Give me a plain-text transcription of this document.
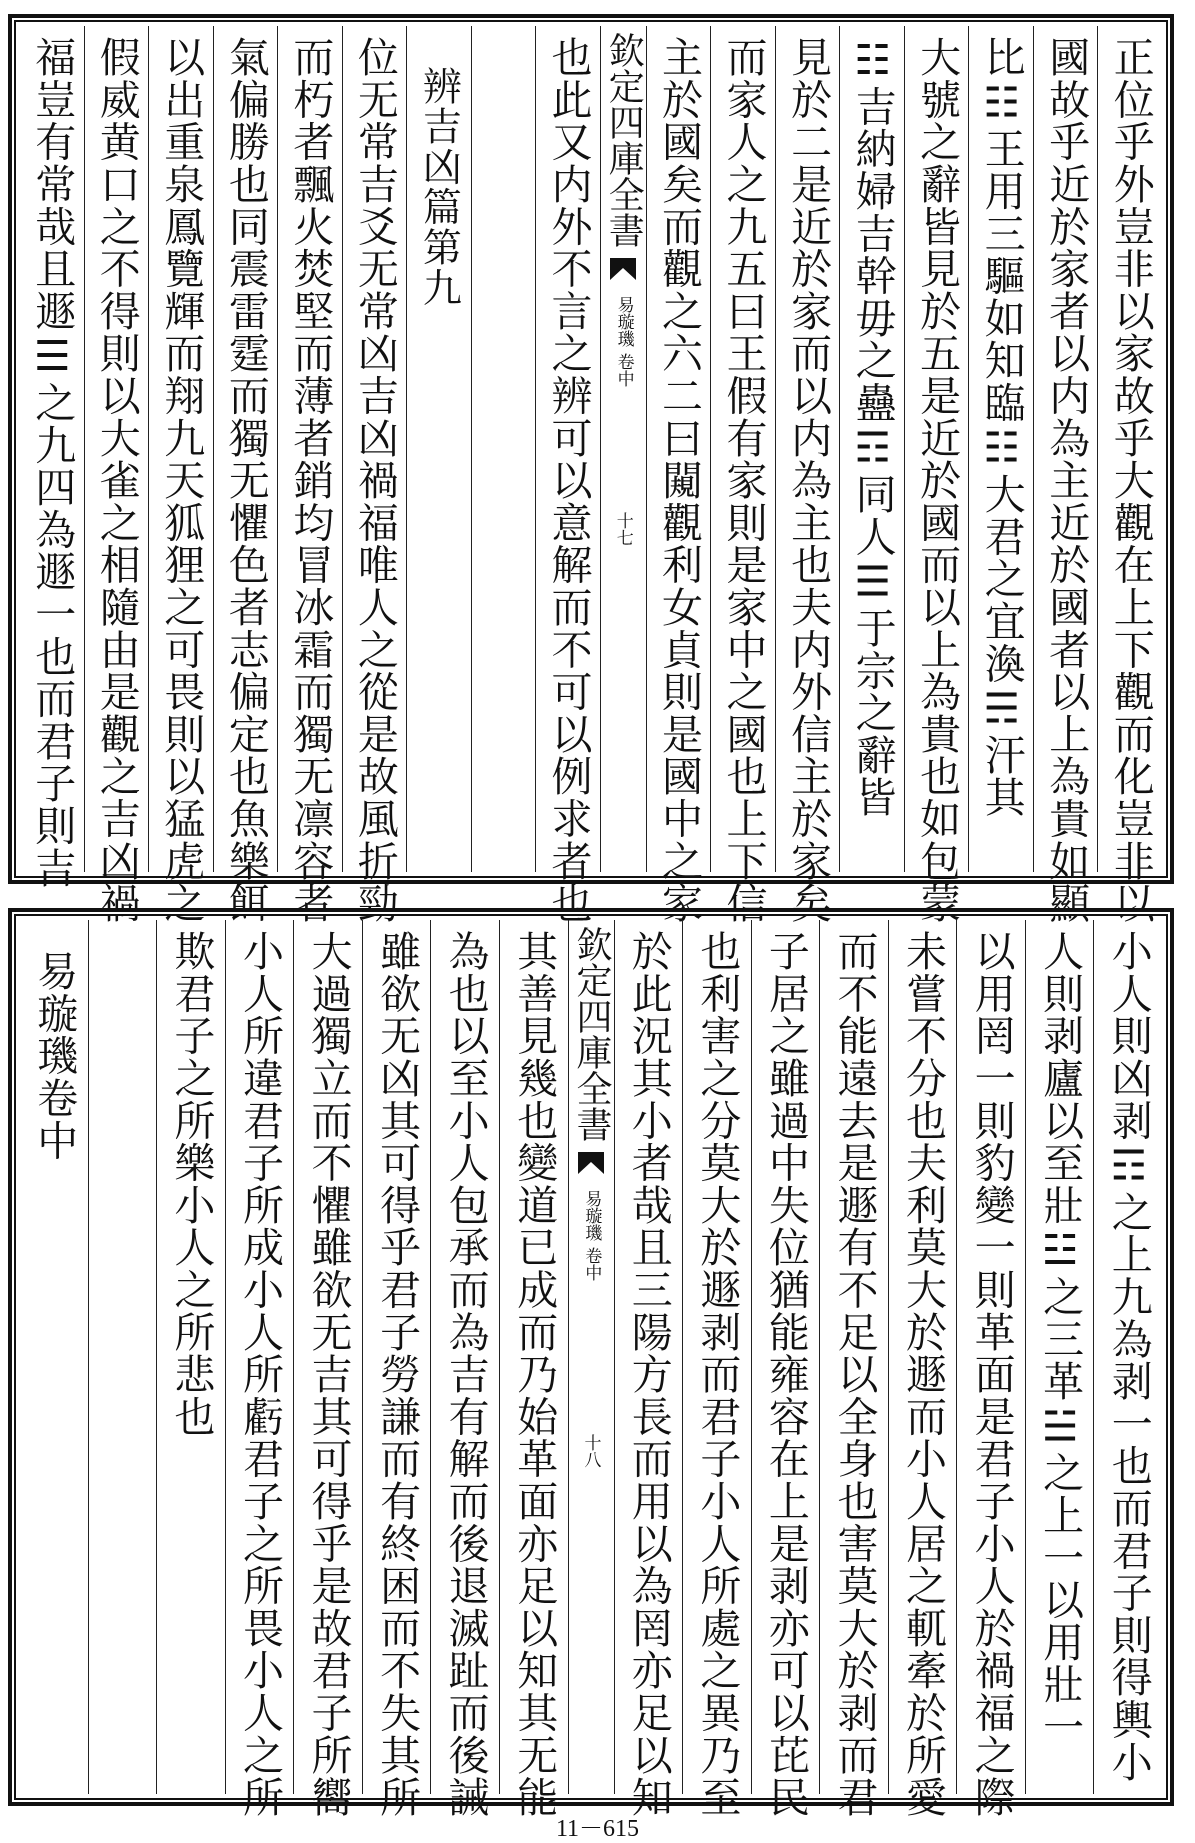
正位乎外豈非以家故乎大觀在上下觀而化豈非以
國故乎近於家者以内為主近於國者以上為貴如顯
比☷王用三驅如知臨☷大君之宜渙☴汗其
大號之辭皆見於五是近於國而以上為貴也如包蒙
☷吉納婦吉幹毋之蠱☶同人☰于宗之辭皆
見於二是近於家而以内為主也夫内外信主於家矣
而家人之九五曰王假有家則是家中之國也上下信
主於國矣而觀之六二曰闚觀利女貞則是國中之家
欽定四庫全書
易璇璣
卷中
十七
也此又内外不言之辨可以意解而不可以例求者也
辨吉凶篇第九
位无常吉爻无常凶吉凶禍福唯人之從是故風折勁
而朽者飄火焚堅而薄者銷均冒冰霜而獨无凛容者
氣偏勝也同震雷霆而獨无懼色者志偏定也魚樂餌
以出重泉鳳覽輝而翔九天狐狸之可畏則以猛虎之
假威黄口之不得則以大雀之相隨由是觀之吉凶禍
福豈有常哉且遯☰之九四為遯一也而君子則吉
小人則凶剥☶之上九為剥一也而君子則得輿小
人則剥廬以至壯☳之三革☱之上一以用壯一
以用罔一則豹變一則革面是君子小人於禍福之際
未嘗不分也夫利莫大於遯而小人居之軏牽於所愛
而不能遠去是遯有不足以全身也害莫大於剥而君
子居之雖過中失位猶能雍容在上是剥亦可以芘民
也利害之分莫大於遯剥而君子小人所處之異乃至
於此況其小者哉且三陽方長而用以為罔亦足以知
欽定四庫全書
易璇璣
卷中
十八
其善見幾也變道已成而乃始革面亦足以知其无能
為也以至小人包承而為吉有解而後退滅趾而後誡
雖欲无凶其可得乎君子勞謙而有終困而不失其所
大過獨立而不懼雖欲无吉其可得乎是故君子所嚮
小人所違君子所成小人所虧君子之所畏小人之所
欺君子之所樂小人之所悲也
易璇璣卷中
11－615
